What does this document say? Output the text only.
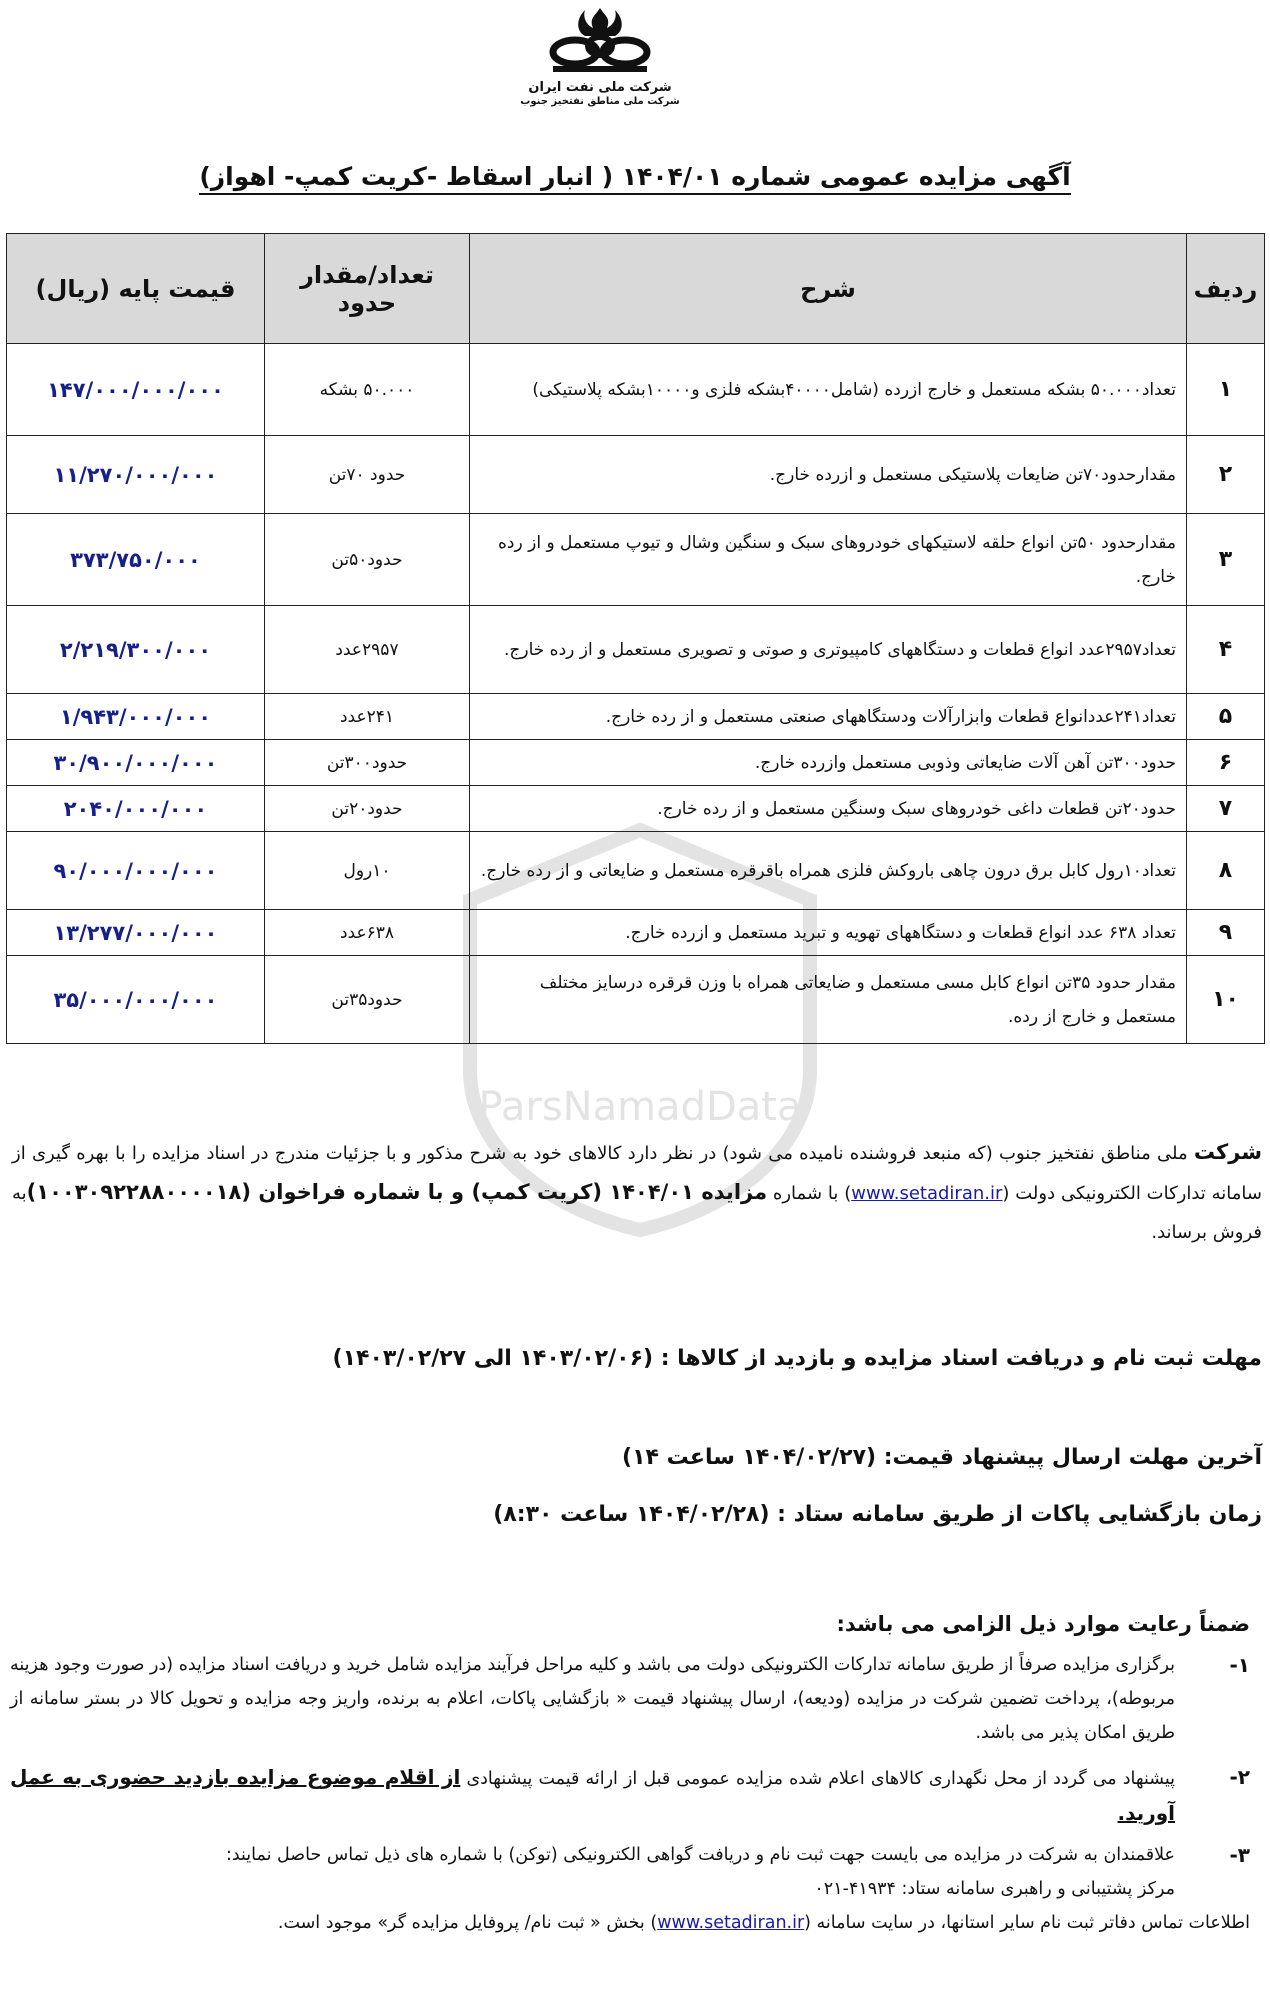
شرکت ملی نفت ایران
شرکت ملی مناطق نفتخیز جنوب
آگهی مزایده عمومی شماره ۱۴۰۴/۰۱ ( انبار اسقاط -کریت کمپ- اهواز)
ردیف	شرح	تعداد/مقدار حدود	قیمت پایه (ریال)
۱	تعداد۵۰.۰۰۰ بشکه مستعمل و خارج ازرده (شامل۴۰۰۰۰بشکه فلزی و۱۰۰۰۰بشکه پلاستیکی)	۵۰.۰۰۰ بشکه	۱۴۷/۰۰۰/۰۰۰/۰۰۰
۲	مقدارحدود۷۰تن ضایعات پلاستیکی مستعمل و ازرده خارج.	حدود ۷۰تن	۱۱/۲۷۰/۰۰۰/۰۰۰
۳	مقدارحدود ۵۰تن انواع حلقه لاستیکهای خودروهای سبک و سنگین وشال و تیوپ مستعمل و از رده خارج.	حدود۵۰تن	۳۷۳/۷۵۰/۰۰۰
۴	تعداد۲۹۵۷عدد انواع قطعات و دستگاههای کامپیوتری و صوتی و تصویری مستعمل و از رده خارج.	۲۹۵۷عدد	۲/۲۱۹/۳۰۰/۰۰۰
۵	تعداد۲۴۱عددانواع قطعات وابزارآلات ودستگاههای صنعتی مستعمل و از رده خارج.	۲۴۱عدد	۱/۹۴۳/۰۰۰/۰۰۰
۶	حدود۳۰۰تن آهن آلات ضایعاتی وذوبی مستعمل وازرده خارج.	حدود۳۰۰تن	۳۰/۹۰۰/۰۰۰/۰۰۰
۷	حدود۲۰تن قطعات داغی خودروهای سبک وسنگین مستعمل و از رده خارج.	حدود۲۰تن	۲۰۴۰/۰۰۰/۰۰۰
۸	تعداد۱۰رول کابل برق درون چاهی باروکش فلزی همراه باقرقره مستعمل و ضایعاتی و از رده خارج.	۱۰رول	۹۰/۰۰۰/۰۰۰/۰۰۰
۹	تعداد ۶۳۸ عدد انواع قطعات و دستگاههای تهویه و تبرید مستعمل و ازرده خارج.	۶۳۸عدد	۱۳/۲۷۷/۰۰۰/۰۰۰
۱۰	مقدار حدود ۳۵تن انواع کابل مسی مستعمل و ضایعاتی همراه با وزن قرقره درسایز مختلف مستعمل و خارج از رده.	حدود۳۵تن	۳۵/۰۰۰/۰۰۰/۰۰۰
شرکت ملی مناطق نفتخیز جنوب (که منبعد فروشنده نامیده می شود) در نظر دارد کالاهای خود به شرح مذکور و با جزئیات مندرج در اسناد مزایده را با بهره گیری از سامانه تدارکات الکترونیکی دولت (www.setadiran.ir) با شماره مزایده ۱۴۰۴/۰۱ (کریت کمپ) و با شماره فراخوان (۱۰۰۳۰۹۲۲۸۸۰۰۰۰۱۸)به فروش برساند.
مهلت ثبت نام و دریافت اسناد مزایده و بازدید از کالاها : (۱۴۰۳/۰۲/۰۶ الی ۱۴۰۳/۰۲/۲۷)
آخرین مهلت ارسال پیشنهاد قیمت: (۱۴۰۴/۰۲/۲۷ ساعت ۱۴)
زمان بازگشایی پاکات از طریق سامانه ستاد : (۱۴۰۴/۰۲/۲۸ ساعت ۸:۳۰)
ضمناً رعایت موارد ذیل الزامی می باشد:
۱-
برگزاری مزایده صرفاً از طریق سامانه تدارکات الکترونیکی دولت می باشد و کلیه مراحل فرآیند مزایده شامل خرید و دریافت اسناد مزایده (در صورت وجود هزینه مربوطه)، پرداخت تضمین شرکت در مزایده (ودیعه)، ارسال پیشنهاد قیمت « بازگشایی پاکات، اعلام به برنده، واریز وجه مزایده و تحویل کالا در بستر سامانه از طریق امکان پذیر می باشد.
۲-
پیشنهاد می گردد از محل نگهداری کالاهای اعلام شده مزایده عمومی قبل از ارائه قیمت پیشنهادی از اقلام موضوع مزایده بازدید حضوری به عمل آورید.
۳-
علاقمندان به شرکت در مزایده می بایست جهت ثبت نام و دریافت گواهی الکترونیکی (توکن) با شماره های ذیل تماس حاصل نمایند:
مرکز پشتیبانی و راهبری سامانه ستاد: ۴۱۹۳۴-۰۲۱
اطلاعات تماس دفاتر ثبت نام سایر استانها، در سایت سامانه (www.setadiran.ir) بخش « ثبت نام/ پروفایل مزایده گر» موجود است.
ParsNamadData
